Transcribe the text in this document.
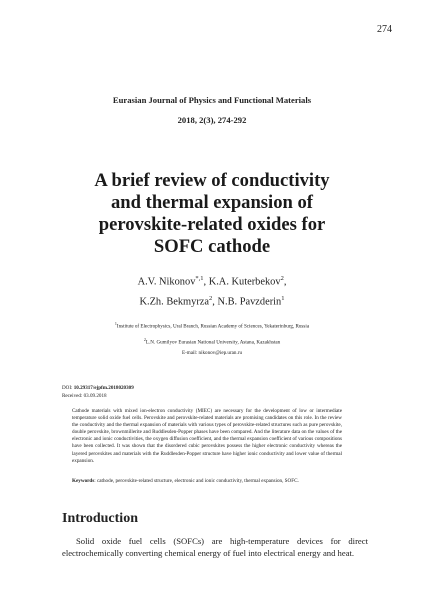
274
Eurasian Journal of Physics and Functional Materials
2018, 2(3), 274-292
A brief review of conductivity
and thermal expansion of
perovskite-related oxides for
SOFC cathode
A.V. Nikonov$^{*,1}$, K.A. Kuterbekov$^2$,
K.Zh. Bekmyrza$^2$, N.B. Pavzderin$^1$
$^1$Institute of Electrophysics, Ural Branch, Russian Academy of Sciences, Yekaterinburg, Russia
$^2$L.N. Gumilyov Eurasian National University, Astana, Kazakhstan
E-mail: nikonov@iep.uran.ru
DOI: 10.29317/ejpfm.2018020309
Received: 03.09.2018
Cathode materials with mixed ion-electron conductivity (MIEC) are necessary for the development of low or intermediate temperature solid oxide fuel cells. Perovskite and perovskite-related materials are promising candidates on this role. In the review the conductivity and the thermal expansion of materials with various types of perovskite-related structures such as pure perovskite, double perovskite, brownmillerite and Ruddlesden-Popper phases have been compared. And the literature data on the values of the electronic and ionic conductivities, the oxygen diffusion coefficient, and the thermal expansion coefficient of various compositions have been collected. It was shown that the disordered cubic perovskites possess the higher electronic conductivity whereas the layered perovskites and materials with the Ruddlesden-Popper structure have higher ionic conductivity and lower value of thermal expansion.
Keywords: cathode, perovskite-related structure, electronic and ionic conductivity, thermal expansion, SOFC.
Introduction
Solid oxide fuel cells (SOFCs) are high-temperature devices for direct electrochemically converting chemical energy of fuel into electrical energy and heat.
